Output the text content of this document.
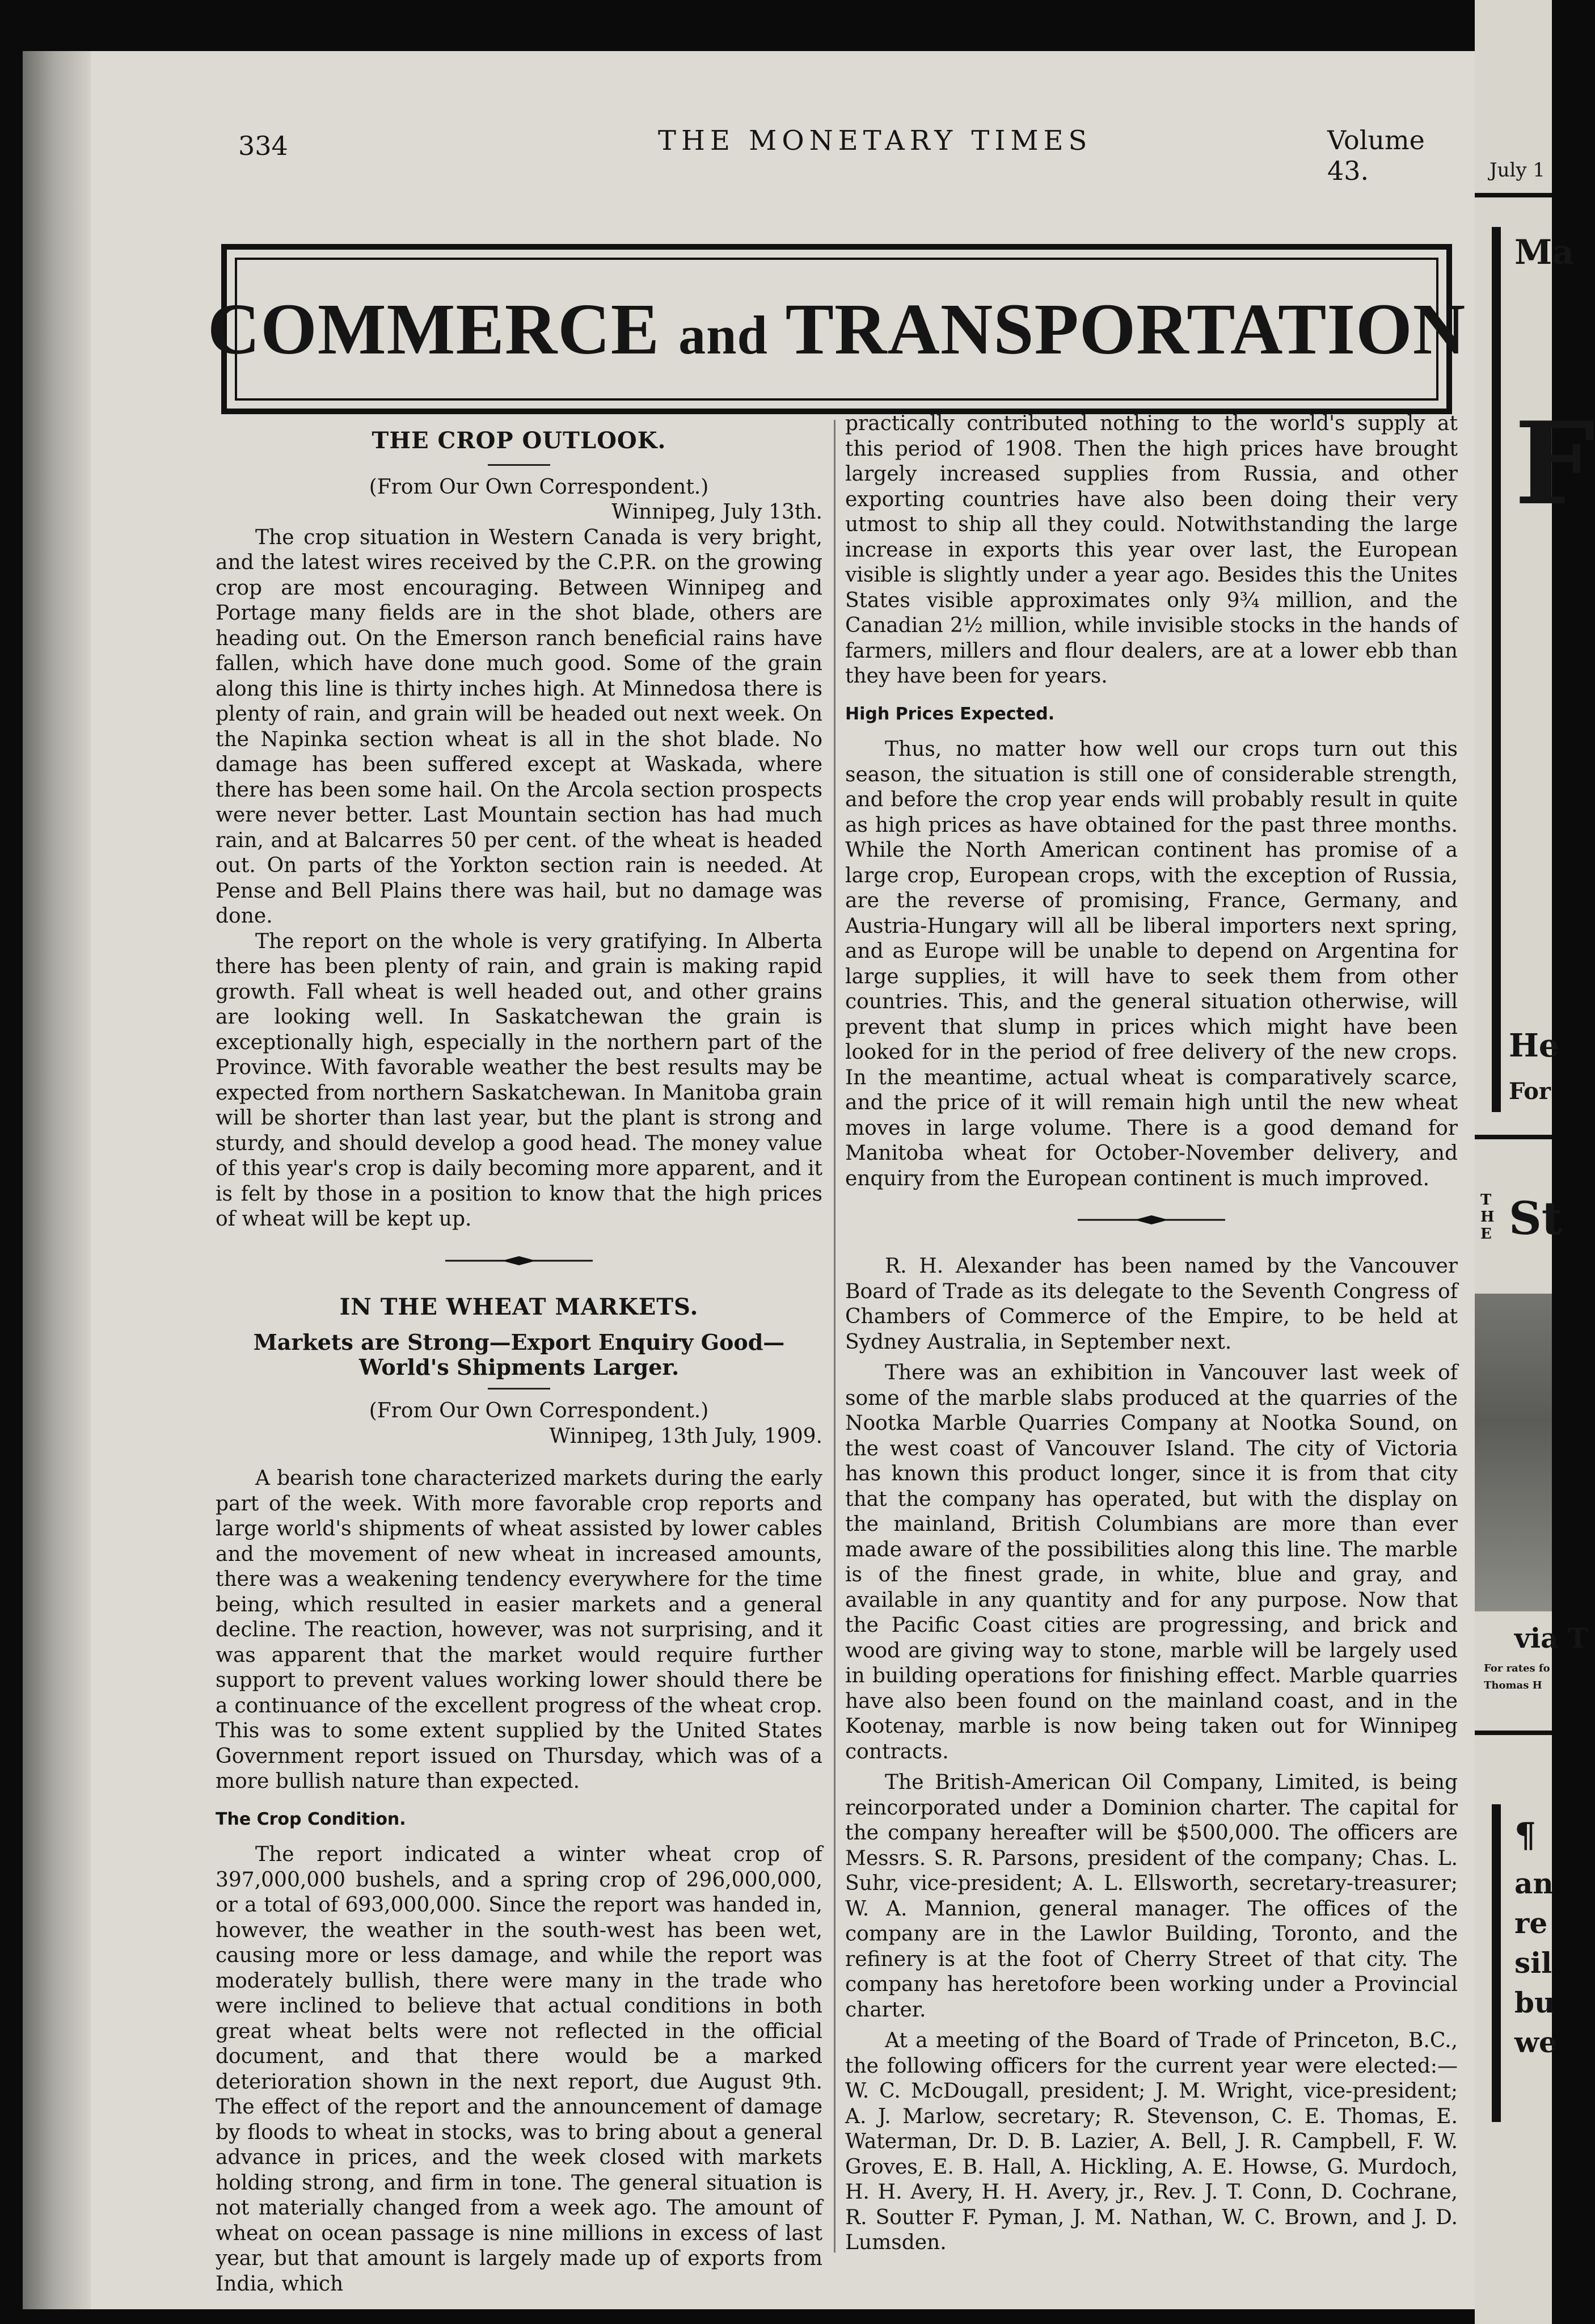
334	THE MONETARY TIMES	Volume 43.
COMMERCE and TRANSPORTATION
THE CROP OUTLOOK.

(From Our Own Correspondent.)

Winnipeg, July 13th.

The crop situation in Western Canada is very bright, and the latest wires received by the C.P.R. on the growing crop are most encouraging. Between Winnipeg and Portage many fields are in the shot blade, others are heading out. On the Emerson ranch beneficial rains have fallen, which have done much good. Some of the grain along this line is thirty inches high. At Minnedosa there is plenty of rain, and grain will be headed out next week. On the Napinka section wheat is all in the shot blade. No damage has been suffered except at Waskada, where there has been some hail. On the Arcola section prospects were never better. Last Mountain section has had much rain, and at Balcarres 50 per cent. of the wheat is headed out. On parts of the Yorkton section rain is needed. At Pense and Bell Plains there was hail, but no damage was done.

The report on the whole is very gratifying. In Alberta there has been plenty of rain, and grain is making rapid growth. Fall wheat is well headed out, and other grains are looking well. In Saskatchewan the grain is exceptionally high, especially in the northern part of the Province. With favorable weather the best results may be expected from northern Saskatchewan. In Manitoba grain will be shorter than last year, but the plant is strong and sturdy, and should develop a good head. The money value of this year's crop is daily becoming more apparent, and it is felt by those in a position to know that the high prices of wheat will be kept up.

IN THE WHEAT MARKETS.
Markets are Strong—Export Enquiry Good—World's Shipments Larger.

(From Our Own Correspondent.)

Winnipeg, 13th July, 1909.

A bearish tone characterized markets during the early part of the week. With more favorable crop reports and large world's shipments of wheat assisted by lower cables and the movement of new wheat in increased amounts, there was a weakening tendency everywhere for the time being, which resulted in easier markets and a general decline. The reaction, however, was not surprising, and it was apparent that the market would require further support to prevent values working lower should there be a continuance of the excellent progress of the wheat crop. This was to some extent supplied by the United States Government report issued on Thursday, which was of a more bullish nature than expected.

The Crop Condition.

The report indicated a winter wheat crop of 397,000,000 bushels, and a spring crop of 296,000,000, or a total of 693,000,000. Since the report was handed in, however, the weather in the south-west has been wet, causing more or less damage, and while the report was moderately bullish, there were many in the trade who were inclined to believe that actual conditions in both great wheat belts were not reflected in the official document, and that there would be a marked deterioration shown in the next report, due August 9th. The effect of the report and the announcement of damage by floods to wheat in stocks, was to bring about a general advance in prices, and the week closed with markets holding strong, and firm in tone. The general situation is not materially changed from a week ago. The amount of wheat on ocean passage is nine millions in excess of last year, but that amount is largely made up of exports from India, which

practically contributed nothing to the world's supply at this period of 1908. Then the high prices have brought largely increased supplies from Russia, and other exporting countries have also been doing their very utmost to ship all they could. Notwithstanding the large increase in exports this year over last, the European visible is slightly under a year ago. Besides this the Unites States visible approximates only 9¾ million, and the Canadian 2½ million, while invisible stocks in the hands of farmers, millers and flour dealers, are at a lower ebb than they have been for years.

High Prices Expected.

Thus, no matter how well our crops turn out this season, the situation is still one of considerable strength, and before the crop year ends will probably result in quite as high prices as have obtained for the past three months. While the North American continent has promise of a large crop, European crops, with the exception of Russia, are the reverse of promising, France, Germany, and Austria-Hungary will all be liberal importers next spring, and as Europe will be unable to depend on Argentina for large supplies, it will have to seek them from other countries. This, and the general situation otherwise, will prevent that slump in prices which might have been looked for in the period of free delivery of the new crops. In the meantime, actual wheat is comparatively scarce, and the price of it will remain high until the new wheat moves in large volume. There is a good demand for Manitoba wheat for October-November delivery, and enquiry from the European continent is much improved.

R. H. Alexander has been named by the Vancouver Board of Trade as its delegate to the Seventh Congress of Chambers of Commerce of the Empire, to be held at Sydney Australia, in September next.

There was an exhibition in Vancouver last week of some of the marble slabs produced at the quarries of the Nootka Marble Quarries Company at Nootka Sound, on the west coast of Vancouver Island. The city of Victoria has known this product longer, since it is from that city that the company has operated, but with the display on the mainland, British Columbians are more than ever made aware of the possibilities along this line. The marble is of the finest grade, in white, blue and gray, and available in any quantity and for any purpose. Now that the Pacific Coast cities are progressing, and brick and wood are giving way to stone, marble will be largely used in building operations for finishing effect. Marble quarries have also been found on the mainland coast, and in the Kootenay, marble is now being taken out for Winnipeg contracts.

The British-American Oil Company, Limited, is being reincorporated under a Dominion charter. The capital for the company hereafter will be $500,000. The officers are Messrs. S. R. Parsons, president of the company; Chas. L. Suhr, vice-president; A. L. Ellsworth, secretary-treasurer; W. A. Mannion, general manager. The offices of the company are in the Lawlor Building, Toronto, and the refinery is at the foot of Cherry Street of that city. The company has heretofore been working under a Provincial charter.

At a meeting of the Board of Trade of Princeton, B.C., the following officers for the current year were elected:—W. C. McDougall, president; J. M. Wright, vice-president; A. J. Marlow, secretary; R. Stevenson, C. E. Thomas, E. Waterman, Dr. D. B. Lazier, A. Bell, J. R. Campbell, F. W. Groves, E. B. Hall, A. Hickling, A. E. Howse, G. Murdoch, H. H. Avery, H. H. Avery, jr., Rev. J. T. Conn, D. Cochrane, R. Soutter F. Pyman, J. M. Nathan, W. C. Brown, and J. D. Lumsden.

July 1
Ma
F
He
For
T
H
E St
via T
For rates fo
Thomas H
¶
an
re
sil
bu
we
